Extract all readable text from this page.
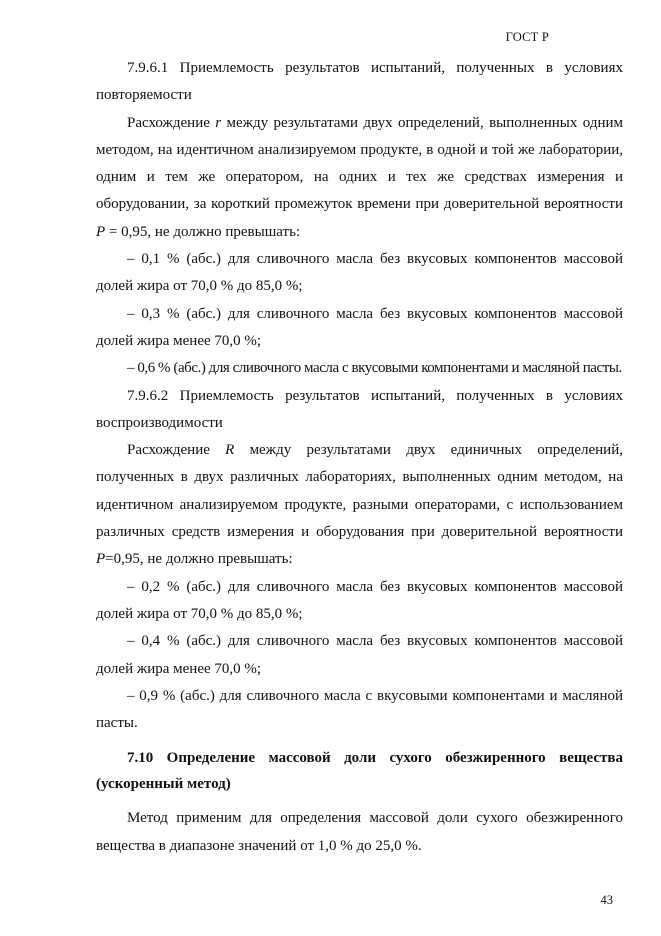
ГОСТ Р

7.9.6.1 Приемлемость результатов испытаний, полученных в условиях повторяемости

Расхождение r между результатами двух определений, выполненных одним методом, на идентичном анализируемом продукте, в одной и той же лаборатории, одним и тем же оператором, на одних и тех же средствах измерения и оборудовании, за короткий промежуток времени при доверительной вероятности P = 0,95, не должно превышать:

– 0,1 % (абс.) для сливочного масла без вкусовых компонентов массовой долей жира от 70,0 % до 85,0 %;

– 0,3 % (абс.) для сливочного масла без вкусовых компонентов массовой долей жира менее 70,0 %;

– 0,6 % (абс.) для сливочного масла с вкусовыми компонентами и масляной пасты.

7.9.6.2 Приемлемость результатов испытаний, полученных в условиях воспроизводимости

Расхождение R между результатами двух единичных определений, полученных в двух различных лабораториях, выполненных одним методом, на идентичном анализируемом продукте, разными операторами, с использованием различных средств измерения и оборудования при доверительной вероятности P=0,95, не должно превышать:

– 0,2 % (абс.) для сливочного масла без вкусовых компонентов массовой долей жира от 70,0 % до 85,0 %;

– 0,4 % (абс.) для сливочного масла без вкусовых компонентов массовой долей жира менее 70,0 %;

– 0,9 % (абс.) для сливочного масла с вкусовыми компонентами и масляной пасты.

7.10 Определение массовой доли сухого обезжиренного вещества (ускоренный метод)

Метод применим для определения массовой доли сухого обезжиренного вещества в диапазоне значений от 1,0 % до 25,0 %.

43
